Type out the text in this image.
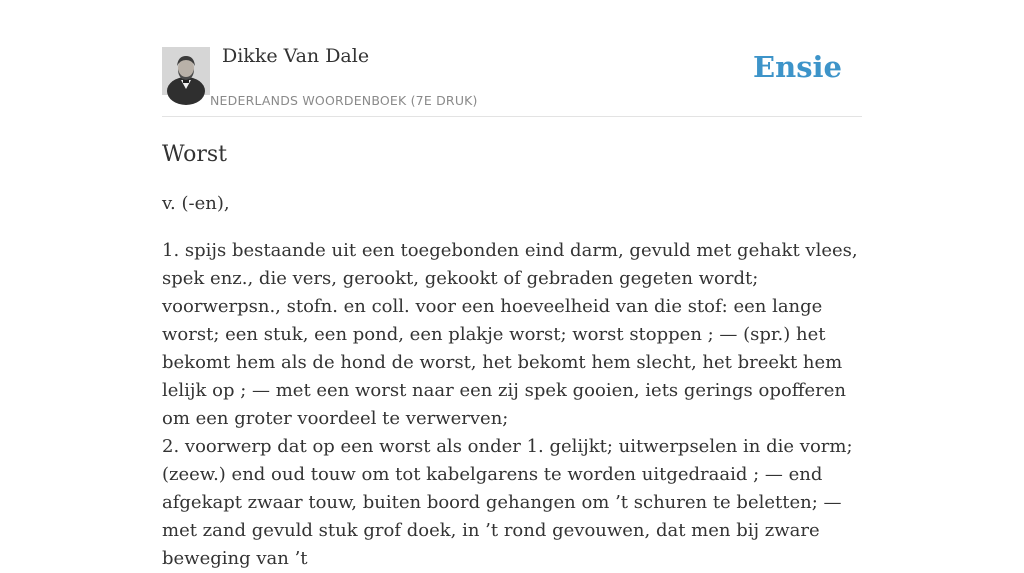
Dikke Van Dale
NEDERLANDS WOORDENBOEK (7E DRUK)
Ensie
Worst

v. (-en),

1. spijs bestaande uit een toegebonden eind darm, gevuld met gehakt vlees, spek enz., die vers, gerookt, gekookt of gebraden gegeten wordt; voorwerpsn., stofn. en coll. voor een hoeveelheid van die stof: een lange worst; een stuk, een pond, een plakje worst; worst stoppen ; — (spr.) het bekomt hem als de hond de worst, het bekomt hem slecht, het breekt hem lelijk op ; — met een worst naar een zij spek gooien, iets gerings opofferen om een groter voordeel te verwerven;
2. voorwerp dat op een worst als onder 1. gelijkt; uitwerpselen in die vorm; (zeew.) end oud touw om tot kabelgarens te worden uitgedraaid ; — end afgekapt zwaar touw, buiten boord gehangen om ’t schuren te beletten; — met zand gevuld stuk grof doek, in ’t rond gevouwen, dat men bij zware beweging van ’t
